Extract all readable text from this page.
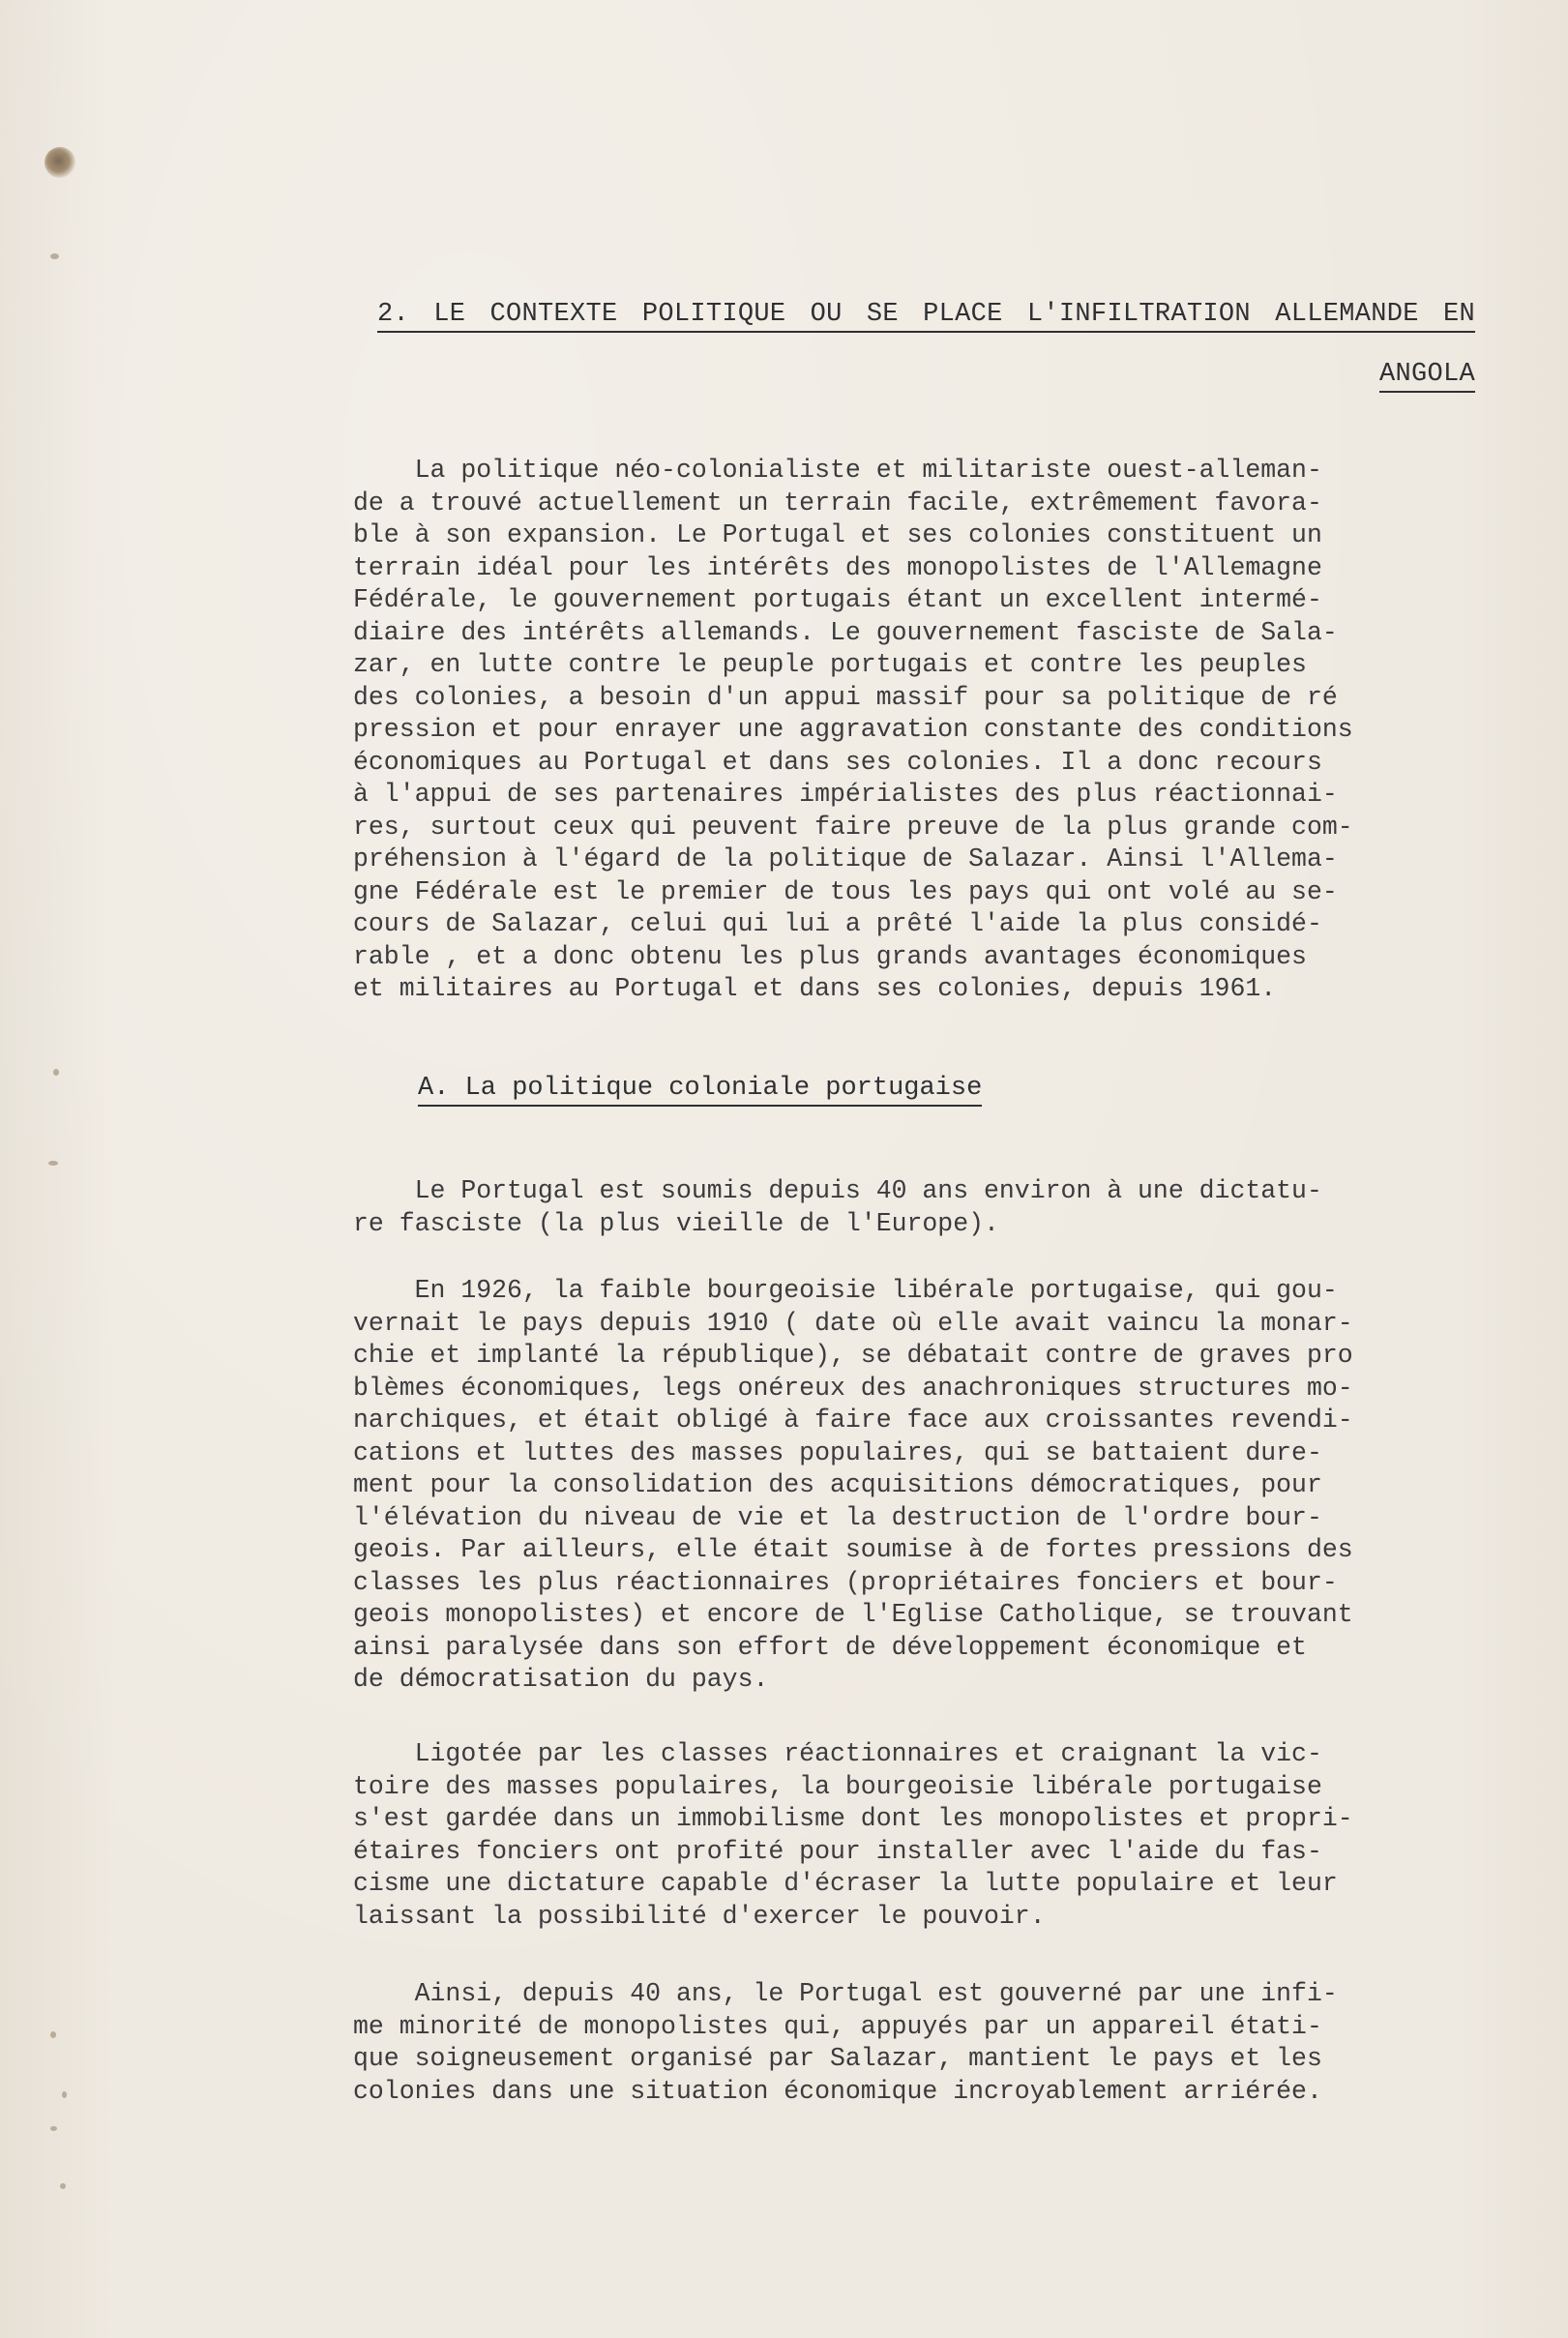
2. LE CONTEXTE POLITIQUE OU SE PLACE L'INFILTRATION ALLEMANDE EN
ANGOLA
La politique néo-colonialiste et militariste ouest-alleman-
de a trouvé actuellement un terrain facile, extrêmement favora-
ble à son expansion. Le Portugal et ses colonies constituent un
terrain idéal pour les intérêts des monopolistes de l'Allemagne
Fédérale, le gouvernement portugais étant un excellent intermé-
diaire des intérêts allemands. Le gouvernement fasciste de Sala-
zar, en lutte contre le peuple portugais et contre les peuples
des colonies, a besoin d'un appui massif pour sa politique de ré
pression et pour enrayer une aggravation constante des conditions
économiques au Portugal et dans ses colonies. Il a donc recours
à l'appui de ses partenaires impérialistes des plus réactionnai-
res, surtout ceux qui peuvent faire preuve de la plus grande com-
préhension à l'égard de la politique de Salazar. Ainsi l'Allema-
gne Fédérale est le premier de tous les pays qui ont volé au se-
cours de Salazar, celui qui lui a prêté l'aide la plus considé-
rable , et a donc obtenu les plus grands avantages économiques
et militaires au Portugal et dans ses colonies, depuis 1961.
A. La politique coloniale portugaise
Le Portugal est soumis depuis 40 ans environ à une dictatu-
re fasciste (la plus vieille de l'Europe).
En 1926, la faible bourgeoisie libérale portugaise, qui gou-
vernait le pays depuis 1910 ( date où elle avait vaincu la monar-
chie et implanté la république), se débatait contre de graves pro
blèmes économiques, legs onéreux des anachroniques structures mo-
narchiques, et était obligé à faire face aux croissantes revendi-
cations et luttes des masses populaires, qui se battaient dure-
ment pour la consolidation des acquisitions démocratiques, pour
l'élévation du niveau de vie et la destruction de l'ordre bour-
geois. Par ailleurs, elle était soumise à de fortes pressions des
classes les plus réactionnaires (propriétaires fonciers et bour-
geois monopolistes) et encore de l'Eglise Catholique, se trouvant
ainsi paralysée dans son effort de développement économique et
de démocratisation du pays.
Ligotée par les classes réactionnaires et craignant la vic-
toire des masses populaires, la bourgeoisie libérale portugaise
s'est gardée dans un immobilisme dont les monopolistes et propri-
étaires fonciers ont profité pour installer avec l'aide du fas-
cisme une dictature capable d'écraser la lutte populaire et leur
laissant la possibilité d'exercer le pouvoir.
Ainsi, depuis 40 ans, le Portugal est gouverné par une infi-
me minorité de monopolistes qui, appuyés par un appareil étati-
que soigneusement organisé par Salazar, mantient le pays et les
colonies dans une situation économique incroyablement arriérée.
